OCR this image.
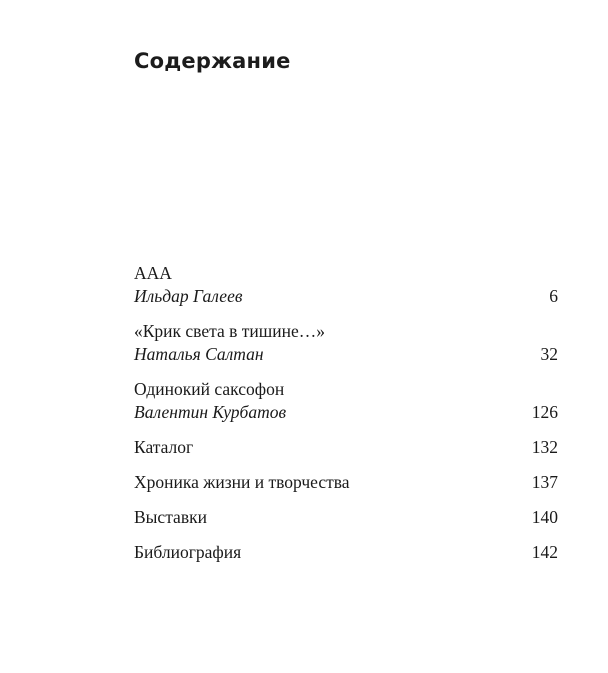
Содержание
ААА
Ильдар Галеев	6
«Крик света в тишине…»
Наталья Салтан	32
Одинокий саксофон
Валентин Курбатов	126
Каталог	132
Хроника жизни и творчества	137
Выставки	140
Библиография	142
